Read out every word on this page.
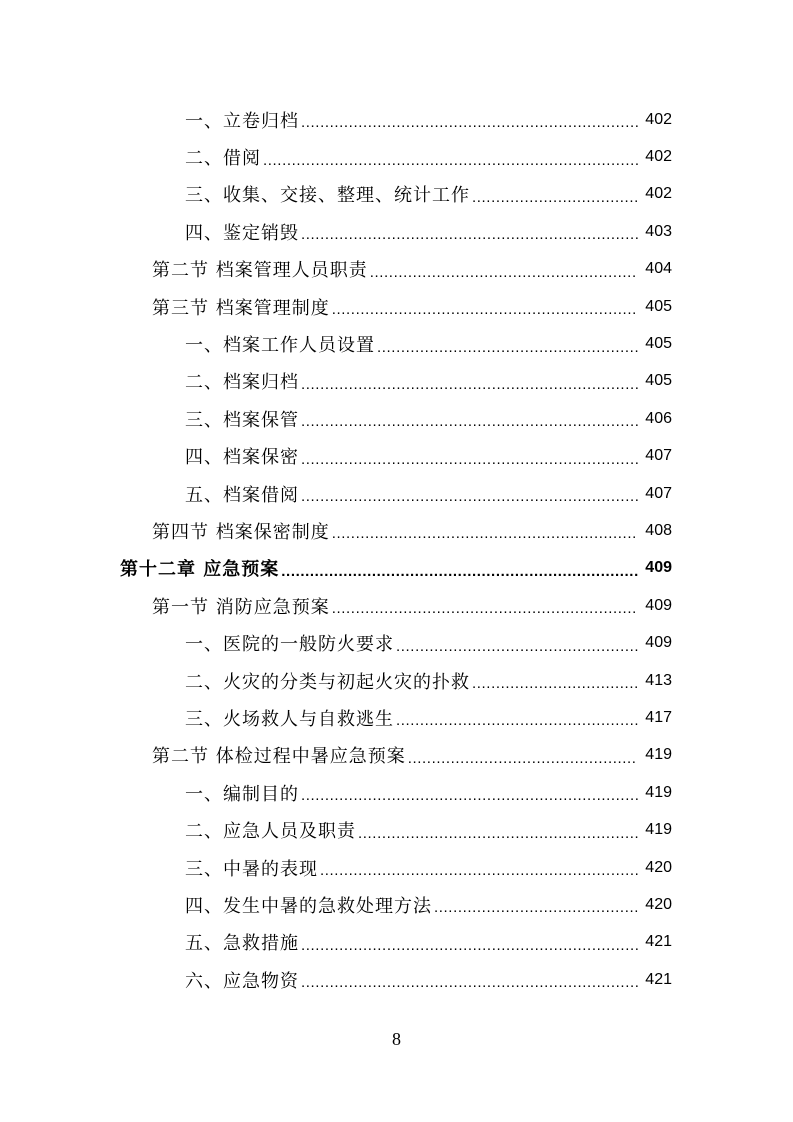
一、立卷归档 .....	402
二、借阅 .....	402
三、收集、交接、整理、统计工作 .....	402
四、鉴定销毁 .....	403
第二节 档案管理人员职责 .....	404
第三节 档案管理制度 .....	405
一、档案工作人员设置 .....	405
二、档案归档 .....	405
三、档案保管 .....	406
四、档案保密 .....	407
五、档案借阅 .....	407
第四节 档案保密制度 .....	408
第十二章 应急预案 .....	409
第一节 消防应急预案 .....	409
一、医院的一般防火要求 .....	409
二、火灾的分类与初起火灾的扑救 .....	413
三、火场救人与自救逃生 .....	417
第二节 体检过程中暑应急预案 .....	419
一、编制目的 .....	419
二、应急人员及职责 .....	419
三、中暑的表现 .....	420
四、发生中暑的急救处理方法 .....	420
五、急救措施 .....	421
六、应急物资 .....	421
8
